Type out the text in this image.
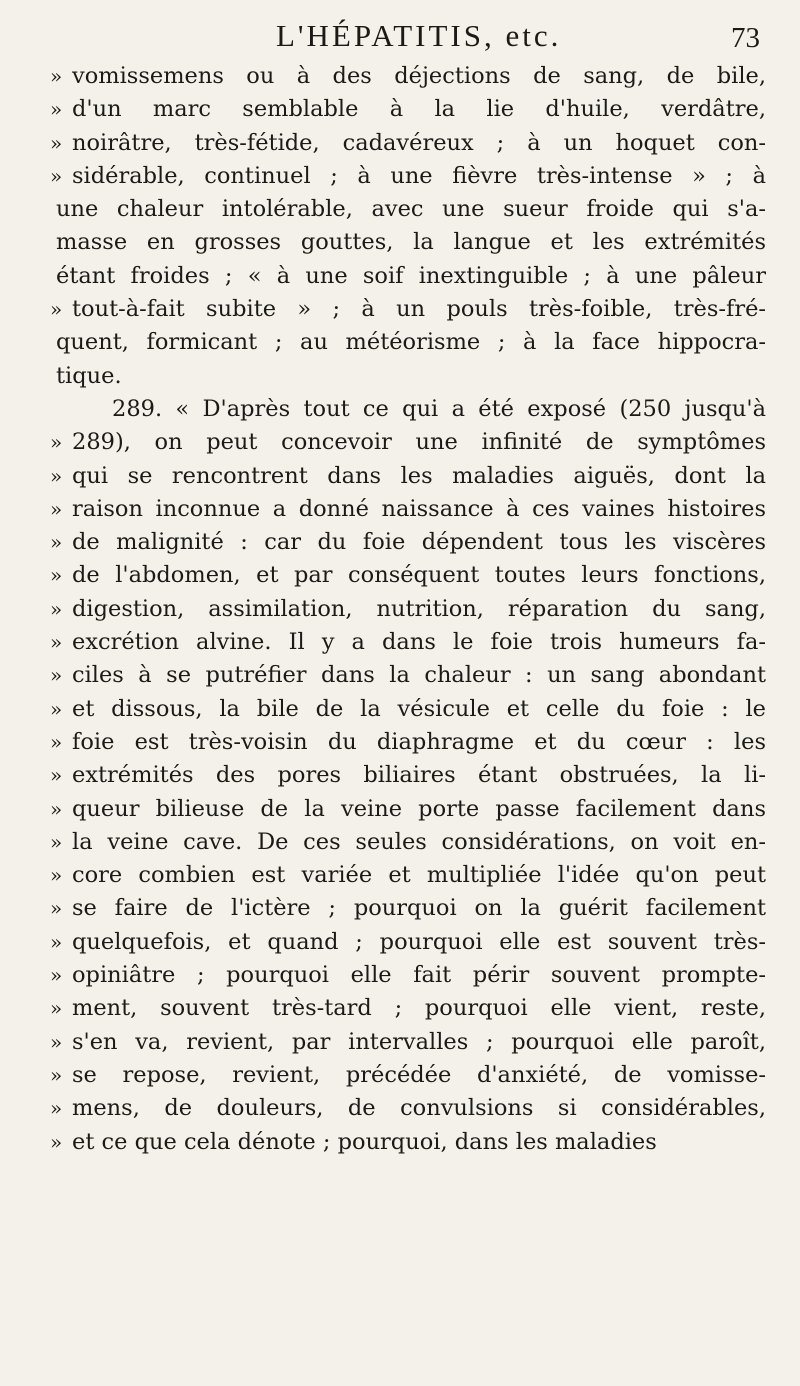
L'HÉPATITIS, etc.	73
» vomissemens ou à des déjections de sang, de bile,
» d'un marc semblable à la lie d'huile, verdâtre,
» noirâtre, très-fétide, cadavéreux ; à un hoquet con-
» sidérable, continuel ; à une fièvre très-intense » ; à
une chaleur intolérable, avec une sueur froide qui s'a-
masse en grosses gouttes, la langue et les extrémités
étant froides ; « à une soif inextinguible ; à une pâleur
» tout-à-fait subite » ; à un pouls très-foible, très-fré-
quent, formicant ; au météorisme ; à la face hippocra-
tique.
289. « D'après tout ce qui a été exposé (250 jusqu'à
» 289), on peut concevoir une infinité de symptômes
» qui se rencontrent dans les maladies aiguës, dont la
» raison inconnue a donné naissance à ces vaines histoires
» de malignité : car du foie dépendent tous les viscères
» de l'abdomen, et par conséquent toutes leurs fonctions,
» digestion, assimilation, nutrition, réparation du sang,
» excrétion alvine. Il y a dans le foie trois humeurs fa-
» ciles à se putréfier dans la chaleur : un sang abondant
» et dissous, la bile de la vésicule et celle du foie : le
» foie est très-voisin du diaphragme et du cœur : les
» extrémités des pores biliaires étant obstruées, la li-
» queur bilieuse de la veine porte passe facilement dans
» la veine cave. De ces seules considérations, on voit en-
» core combien est variée et multipliée l'idée qu'on peut
» se faire de l'ictère ; pourquoi on la guérit facilement
» quelquefois, et quand ; pourquoi elle est souvent très-
» opiniâtre ; pourquoi elle fait périr souvent prompte-
» ment, souvent très-tard ; pourquoi elle vient, reste,
» s'en va, revient, par intervalles ; pourquoi elle paroît,
» se repose, revient, précédée d'anxiété, de vomisse-
» mens, de douleurs, de convulsions si considérables,
» et ce que cela dénote ; pourquoi, dans les maladies
